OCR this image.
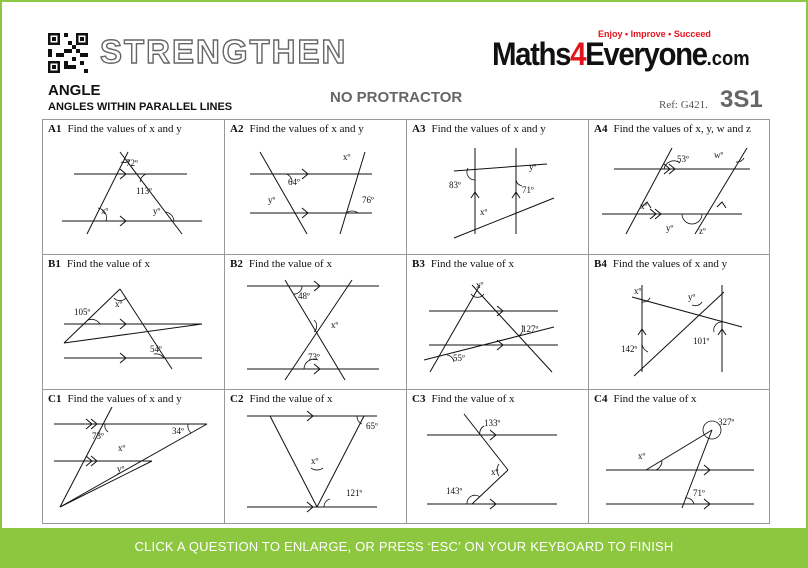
STRENGTHEN	Enjoy • Improve • Succeed
Maths4Everyone.com
ANGLE
ANGLES WITHIN PARALLEL LINES
NO PROTRACTOR	Ref: G421. 3S1
A1 Find the values of x and y	A2 Find the values of x and y	A3 Find the values of x and y	A4 Find the values of x, y, w and z
B1 Find the value of x	B2 Find the value of x	B3 Find the value of x	B4 Find the values of x and y
C1 Find the values of x and y	C2 Find the value of x	C3 Find the value of x	C4 Find the value of x
72º
113º
xº	yº
xº
64º
yº	76º
yº
83º	71º
xº
53º	wº
xº
yº	zº
xº
105º
54º
48º
xº
73º
xº
127º
55º
xº
yº
101º
142º
73º	34º
xº
yº
65º
xº
121º
133º
xº
143º
327º
xº
71º
CLICK A QUESTION TO ENLARGE, OR PRESS ‘ESC’ ON YOUR KEYBOARD TO FINISH
